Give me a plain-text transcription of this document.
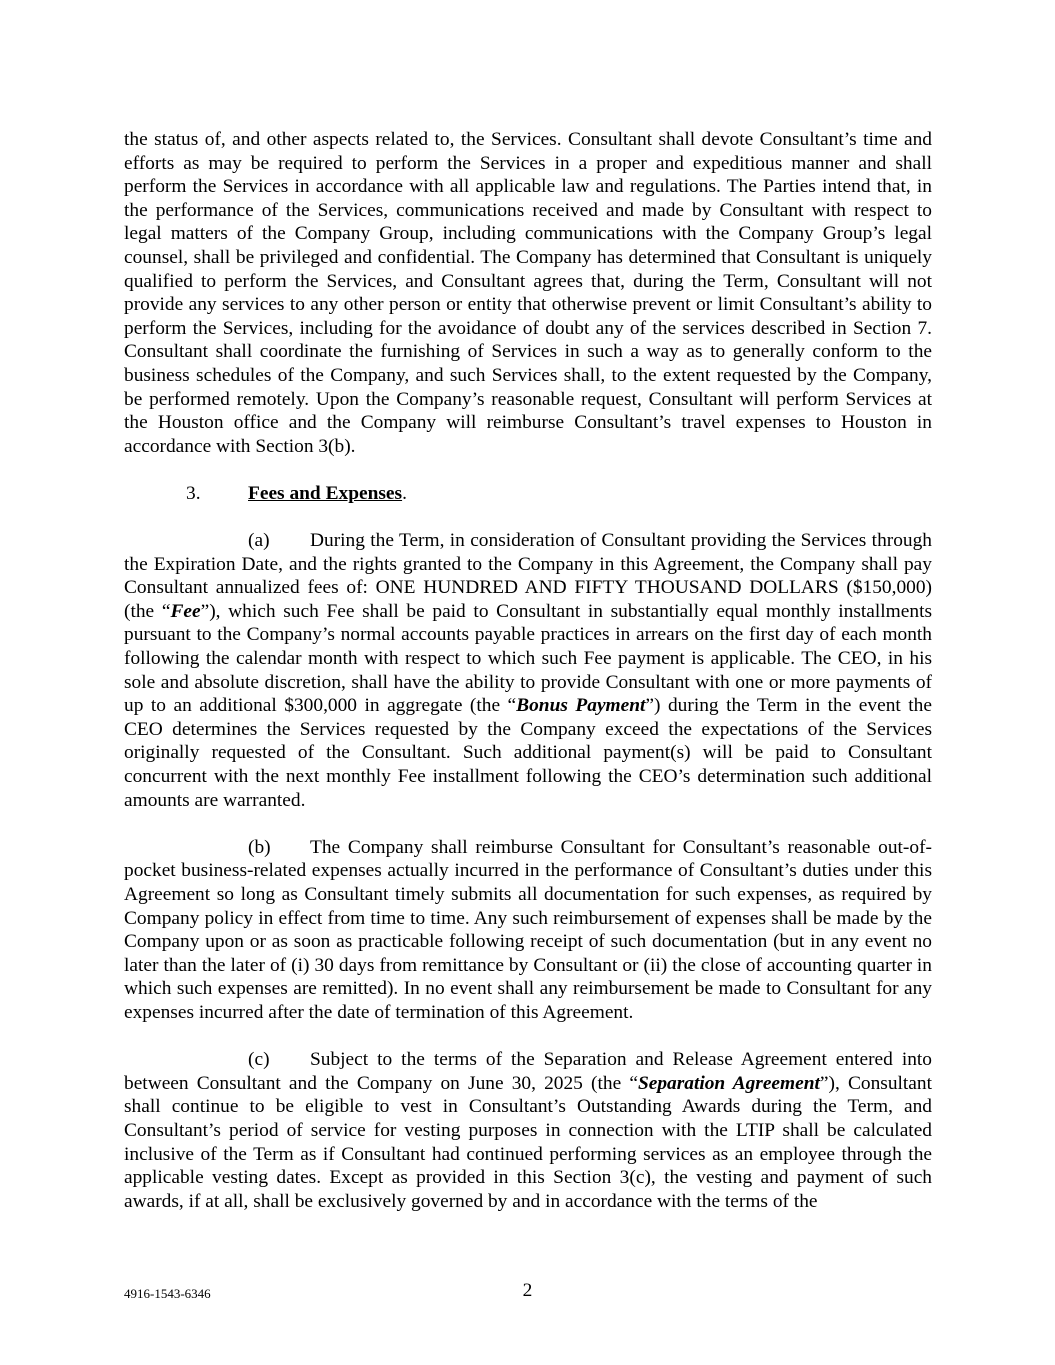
the status of, and other aspects related to, the Services. Consultant shall devote Consultant’s time and efforts as may be required to perform the Services in a proper and expeditious manner and shall perform the Services in accordance with all applicable law and regulations. The Parties intend that, in the performance of the Services, communications received and made by Consultant with respect to legal matters of the Company Group, including communications with the Company Group’s legal counsel, shall be privileged and confidential. The Company has determined that Consultant is uniquely qualified to perform the Services, and Consultant agrees that, during the Term, Consultant will not provide any services to any other person or entity that otherwise prevent or limit Consultant’s ability to perform the Services, including for the avoidance of doubt any of the services described in Section 7. Consultant shall coordinate the furnishing of Services in such a way as to generally conform to the business schedules of the Company, and such Services shall, to the extent requested by the Company, be performed remotely. Upon the Company’s reasonable request, Consultant will perform Services at the Houston office and the Company will reimburse Consultant’s travel expenses to Houston in accordance with Section 3(b).

3. Fees and Expenses.

(a) During the Term, in consideration of Consultant providing the Services through the Expiration Date, and the rights granted to the Company in this Agreement, the Company shall pay Consultant annualized fees of: ONE HUNDRED AND FIFTY THOUSAND DOLLARS ($150,000) (the “Fee”), which such Fee shall be paid to Consultant in substantially equal monthly installments pursuant to the Company’s normal accounts payable practices in arrears on the first day of each month following the calendar month with respect to which such Fee payment is applicable. The CEO, in his sole and absolute discretion, shall have the ability to provide Consultant with one or more payments of up to an additional $300,000 in aggregate (the “Bonus Payment”) during the Term in the event the CEO determines the Services requested by the Company exceed the expectations of the Services originally requested of the Consultant. Such additional payment(s) will be paid to Consultant concurrent with the next monthly Fee installment following the CEO’s determination such additional amounts are warranted.

(b) The Company shall reimburse Consultant for Consultant’s reasonable out-of-pocket business-related expenses actually incurred in the performance of Consultant’s duties under this Agreement so long as Consultant timely submits all documentation for such expenses, as required by Company policy in effect from time to time. Any such reimbursement of expenses shall be made by the Company upon or as soon as practicable following receipt of such documentation (but in any event no later than the later of (i) 30 days from remittance by Consultant or (ii) the close of accounting quarter in which such expenses are remitted). In no event shall any reimbursement be made to Consultant for any expenses incurred after the date of termination of this Agreement.

(c) Subject to the terms of the Separation and Release Agreement entered into between Consultant and the Company on June 30, 2025 (the “Separation Agreement”), Consultant shall continue to be eligible to vest in Consultant’s Outstanding Awards during the Term, and Consultant’s period of service for vesting purposes in connection with the LTIP shall be calculated inclusive of the Term as if Consultant had continued performing services as an employee through the applicable vesting dates. Except as provided in this Section 3(c), the vesting and payment of such awards, if at all, shall be exclusively governed by and in accordance with the terms of the

4916-1543-6346	2
